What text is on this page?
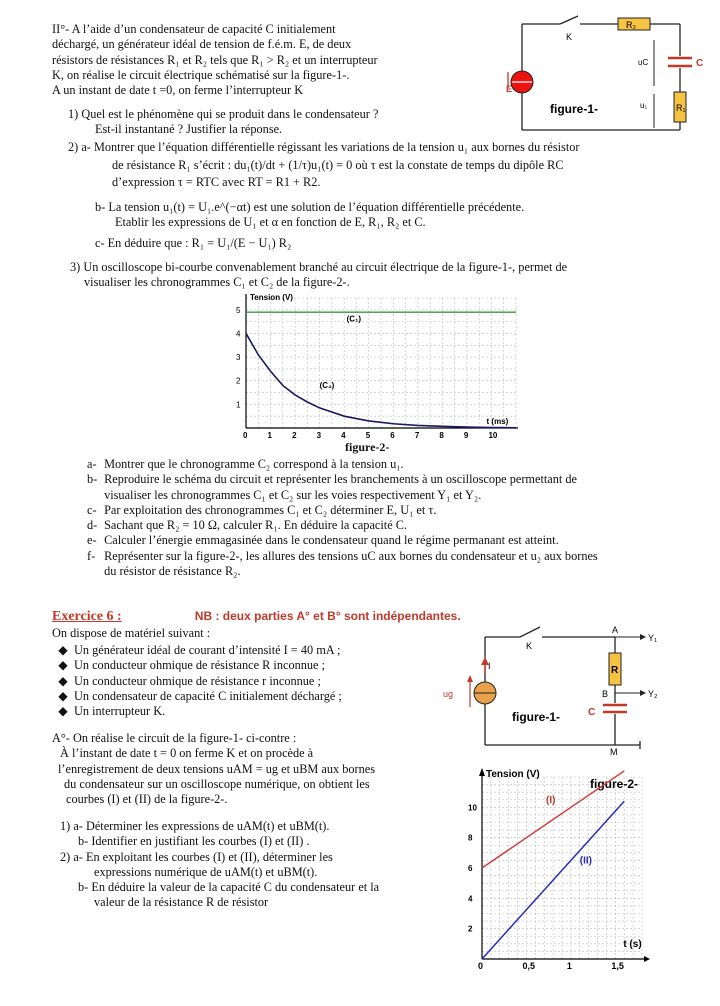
II°- A l’aide d’un condensateur de capacité C initialement
déchargé, un générateur idéal de tension de f.é.m. E, de deux
résistors de résistances R₁ et R₂ tels que R₁ > R₂ et un interrupteur
K, on réalise le circuit électrique schématisé sur la figure-1-.
A un instant de date t =0, on ferme l’interrupteur K
1) Quel est le phénomène qui se produit dans le condensateur ?
Est-il instantané ? Justifier la réponse.
2) a- Montrer que l’équation différentielle régissant les variations de la tension u₁ aux bornes du résistor
de résistance R₁ s’écrit : du₁(t)/dt + (1/τ)u₁(t) = 0 où τ est la constate de temps du dipôle RC
d’expression τ = RTC avec RT = R1 + R2.
b- La tension u₁(t) = U₁.e^(−αt) est une solution de l’équation différentielle précédente.
Etablir les expressions de U₁ et α en fonction de E, R₁, R₂ et C.
c- En déduire que : R₁ = U₁/(E − U₁) R₂
3) Un oscilloscope bi-courbe convenablement branché au circuit électrique de la figure-1-, permet de
visualiser les chronogrammes C₁ et C₂ de la figure-2-.
E
K
R₂
R₁
C
uC
u₁
figure-1-
0	1	2	3	4	5	6	7	8	9	10
1
2
3
4
5
Tension (V)
t (ms)
(C₁)
(C₂)
figure-2-
a- Montrer que le chronogramme C₂ correspond à la tension u₁.
b- Reproduire le schéma du circuit et représenter les branchements à un oscilloscope permettant de
visualiser les chronogrammes C₁ et C₂ sur les voies respectivement Y₁ et Y₂.
c- Par exploitation des chronogrammes C₁ et C₂ déterminer E, U₁ et τ.
d- Sachant que R₂ = 10 Ω, calculer R₁. En déduire la capacité C.
e- Calculer l’énergie emmagasinée dans le condensateur quand le régime permanant est atteint.
f- Représenter sur la figure-2-, les allures des tensions uC aux bornes du condensateur et u₂ aux bornes
du résistor de résistance R₂.
Exercice 6 :	NB : deux parties A° et B° sont indépendantes.
On dispose de matériel suivant :
◆ Un générateur idéal de courant d’intensité I = 40 mA ;
◆ Un conducteur ohmique de résistance R inconnue ;
◆ Un conducteur ohmique de résistance r inconnue ;
◆ Un condensateur de capacité C initialement déchargé ;
◆ Un interrupteur K.
A°- On réalise le circuit de la figure-1- ci-contre :
À l’instant de date t = 0 on ferme K et on procède à
l’enregistrement de deux tensions uAM = ug et uBM aux bornes
du condensateur sur un oscilloscope numérique, on obtient les
courbes (I) et (II) de la figure-2-.
1) a- Déterminer les expressions de uAM(t) et uBM(t).
b- Identifier en justifiant les courbes (I) et (II) .
2) a- En exploitant les courbes (I) et (II), déterminer les
expressions numérique de uAM(t) et uBM(t).
b- En déduire la valeur de la capacité C du condensateur et la
valeur de la résistance R de résistor
I
ug
K
A
B
M
Y₁
Y₂
R
C
figure-1-
0	0,5	1	1,5
2
4
6
8
10
Tension (V)
t (s)
figure-2-
(I)
(II)
